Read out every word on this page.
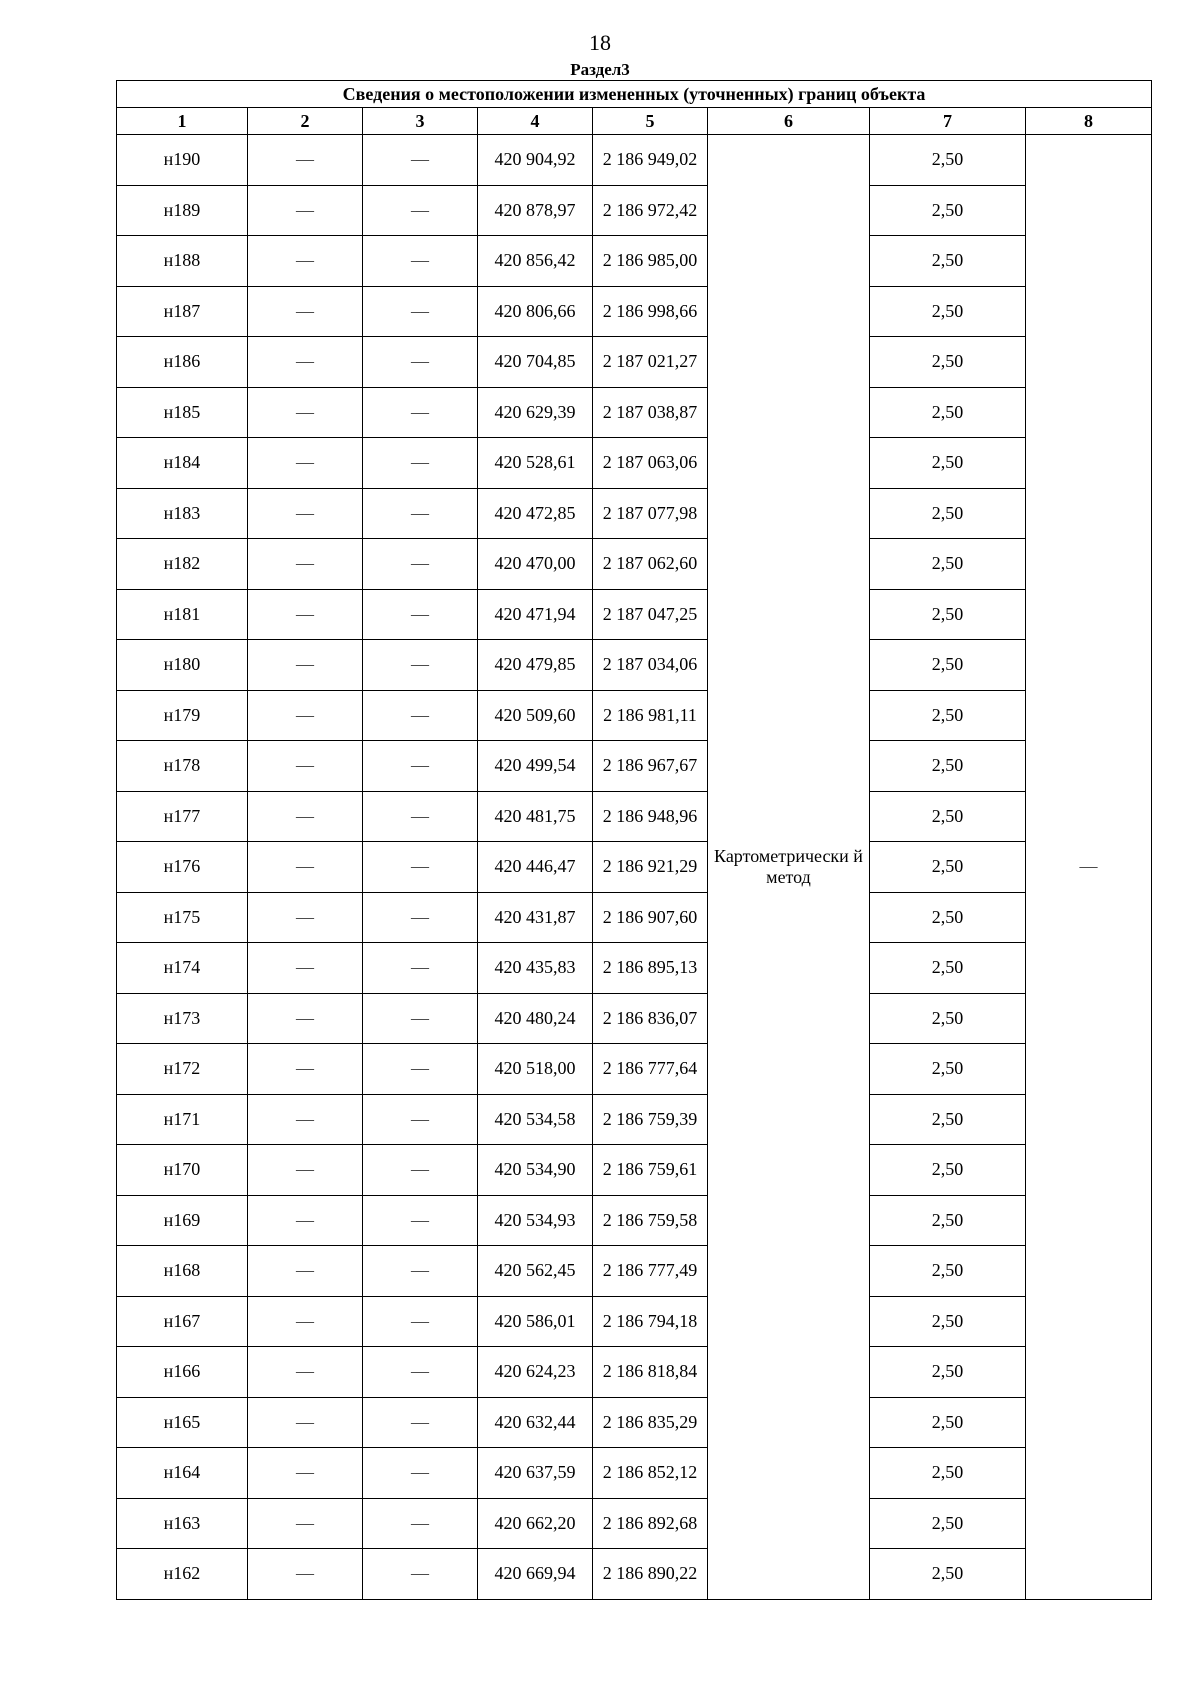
18
Раздел3
Сведения о местоположении измененных (уточненных) границ объекта							
1	2	3	4	5	6	7	8
н190	—	—	420 904,92	2 186 949,02	Картометрически й метод	2,50	—
н189	—	—	420 878,97	2 186 972,42		2,50	
н188	—	—	420 856,42	2 186 985,00		2,50	
н187	—	—	420 806,66	2 186 998,66		2,50	
н186	—	—	420 704,85	2 187 021,27		2,50	
н185	—	—	420 629,39	2 187 038,87		2,50	
н184	—	—	420 528,61	2 187 063,06		2,50	
н183	—	—	420 472,85	2 187 077,98		2,50	
н182	—	—	420 470,00	2 187 062,60		2,50	
н181	—	—	420 471,94	2 187 047,25		2,50	
н180	—	—	420 479,85	2 187 034,06		2,50	
н179	—	—	420 509,60	2 186 981,11		2,50	
н178	—	—	420 499,54	2 186 967,67		2,50	
н177	—	—	420 481,75	2 186 948,96		2,50	
н176	—	—	420 446,47	2 186 921,29		2,50	
н175	—	—	420 431,87	2 186 907,60		2,50	
н174	—	—	420 435,83	2 186 895,13		2,50	
н173	—	—	420 480,24	2 186 836,07		2,50	
н172	—	—	420 518,00	2 186 777,64		2,50	
н171	—	—	420 534,58	2 186 759,39		2,50	
н170	—	—	420 534,90	2 186 759,61		2,50	
н169	—	—	420 534,93	2 186 759,58		2,50	
н168	—	—	420 562,45	2 186 777,49		2,50	
н167	—	—	420 586,01	2 186 794,18		2,50	
н166	—	—	420 624,23	2 186 818,84		2,50	
н165	—	—	420 632,44	2 186 835,29		2,50	
н164	—	—	420 637,59	2 186 852,12		2,50	
н163	—	—	420 662,20	2 186 892,68		2,50	
н162	—	—	420 669,94	2 186 890,22		2,50	
